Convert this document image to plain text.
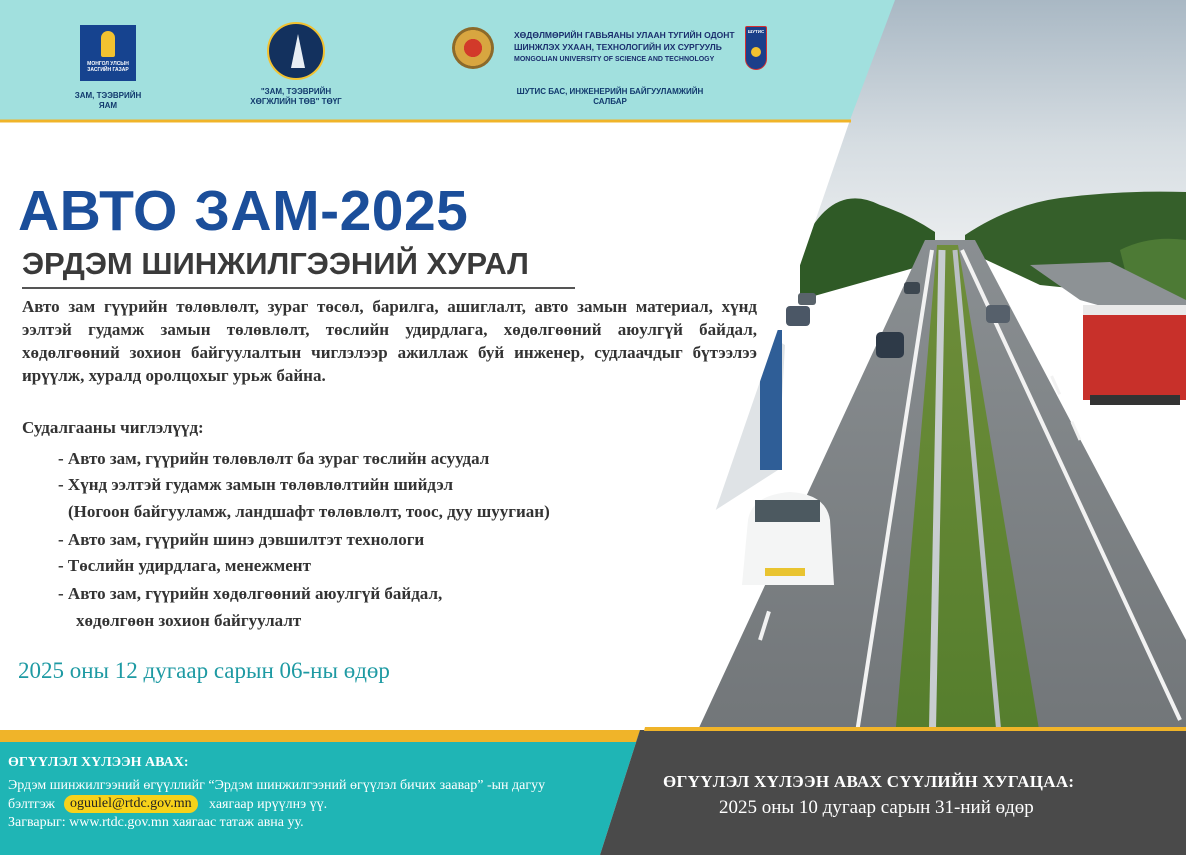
МОНГОЛ УЛСЫН ЗАСГИЙН ГАЗАР
ЗАМ, ТЭЭВРИЙН
ЯАМ
"ЗАМ, ТЭЭВРИЙН
ХӨГЖЛИЙН ТӨВ" ТӨҮГ
ХӨДӨЛМӨРИЙН ГАВЬЯАНЫ УЛААН ТУГИЙН ОДОНТ
ШИНЖЛЭХ УХААН, ТЕХНОЛОГИЙН ИХ СУРГУУЛЬ
MONGOLIAN UNIVERSITY OF SCIENCE AND TECHNOLOGY
ШУТИС
ШУТИС БАС, ИНЖЕНЕРИЙН БАЙГУУЛАМЖИЙН
САЛБАР
АВТО ЗАМ-2025
ЭРДЭМ ШИНЖИЛГЭЭНИЙ ХУРАЛ

Авто зам гүүрийн төлөвлөлт, зураг төсөл, барилга, ашиглалт, авто замын материал, хүнд ээлтэй гудамж замын төлөвлөлт, төслийн удирдлага, хөдөлгөөний аюулгүй байдал, хөдөлгөөний зохион байгуулалтын чиглэлээр ажиллаж буй инженер, судлаачдыг бүтээлээ ирүүлж, хуралд оролцохыг урьж байна.

Судалгааны чиглэлүүд:

- Авто зам, гүүрийн төлөвлөлт ба зураг төслийн асуудал

- Хүнд ээлтэй гудамж замын төлөвлөлтийн шийдэл

(Ногоон байгууламж, ландшафт төлөвлөлт, тоос, дуу шуугиан)

- Авто зам, гүүрийн шинэ дэвшилтэт технологи

- Төслийн удирдлага, менежмент

- Авто зам, гүүрийн хөдөлгөөний аюулгүй байдал,

хөдөлгөөн зохион байгуулалт

2025 оны 12 дугаар сарын 06-ны өдөр

ӨГҮҮЛЭЛ ХҮЛЭЭН АВАХ:

Эрдэм шинжилгээний өгүүллийг “Эрдэм шинжилгээний өгүүлэл бичих заавар” -ын дагуу

бэлтгэж	oguulel@rtdc.gov.mn	хаягаар ирүүлнэ үү.

Загварыг: www.rtdc.gov.mn хаягаас татаж авна уу.

ӨГҮҮЛЭЛ ХҮЛЭЭН АВАХ СҮҮЛИЙН ХУГАЦАА:

2025 оны 10 дугаар сарын 31-ний өдөр
